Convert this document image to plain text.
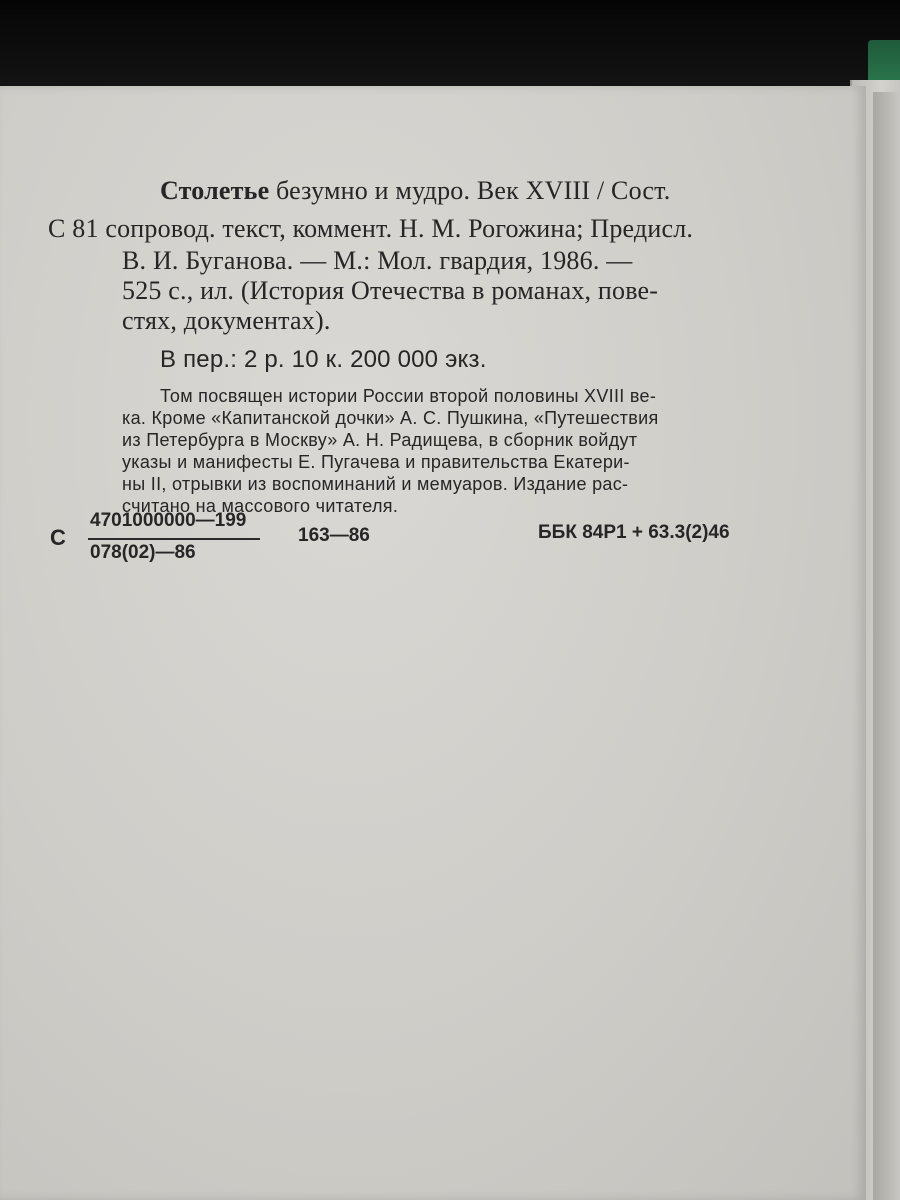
Столетье безумно и мудро. Век XVIII / Сост.
С 81 сопровод. текст, коммент. Н. М. Рогожина; Предисл.
В. И. Буганова. — М.: Мол. гвардия, 1986. —
525 с., ил. (История Отечества в романах, пове-
стях, документах).
В пер.: 2 р. 10 к. 200 000 экз.
Том посвящен истории России второй половины XVIII ве-
ка. Кроме «Капитанской дочки» А. С. Пушкина, «Путешествия
из Петербурга в Москву» А. Н. Радищева, в сборник войдут
указы и манифесты Е. Пугачева и правительства Екатери-
ны II, отрывки из воспоминаний и мемуаров. Издание рас-
считано на массового читателя.
С
4701000000—199
078(02)—86
163—86	ББК 84Р1 + 63.3(2)46
